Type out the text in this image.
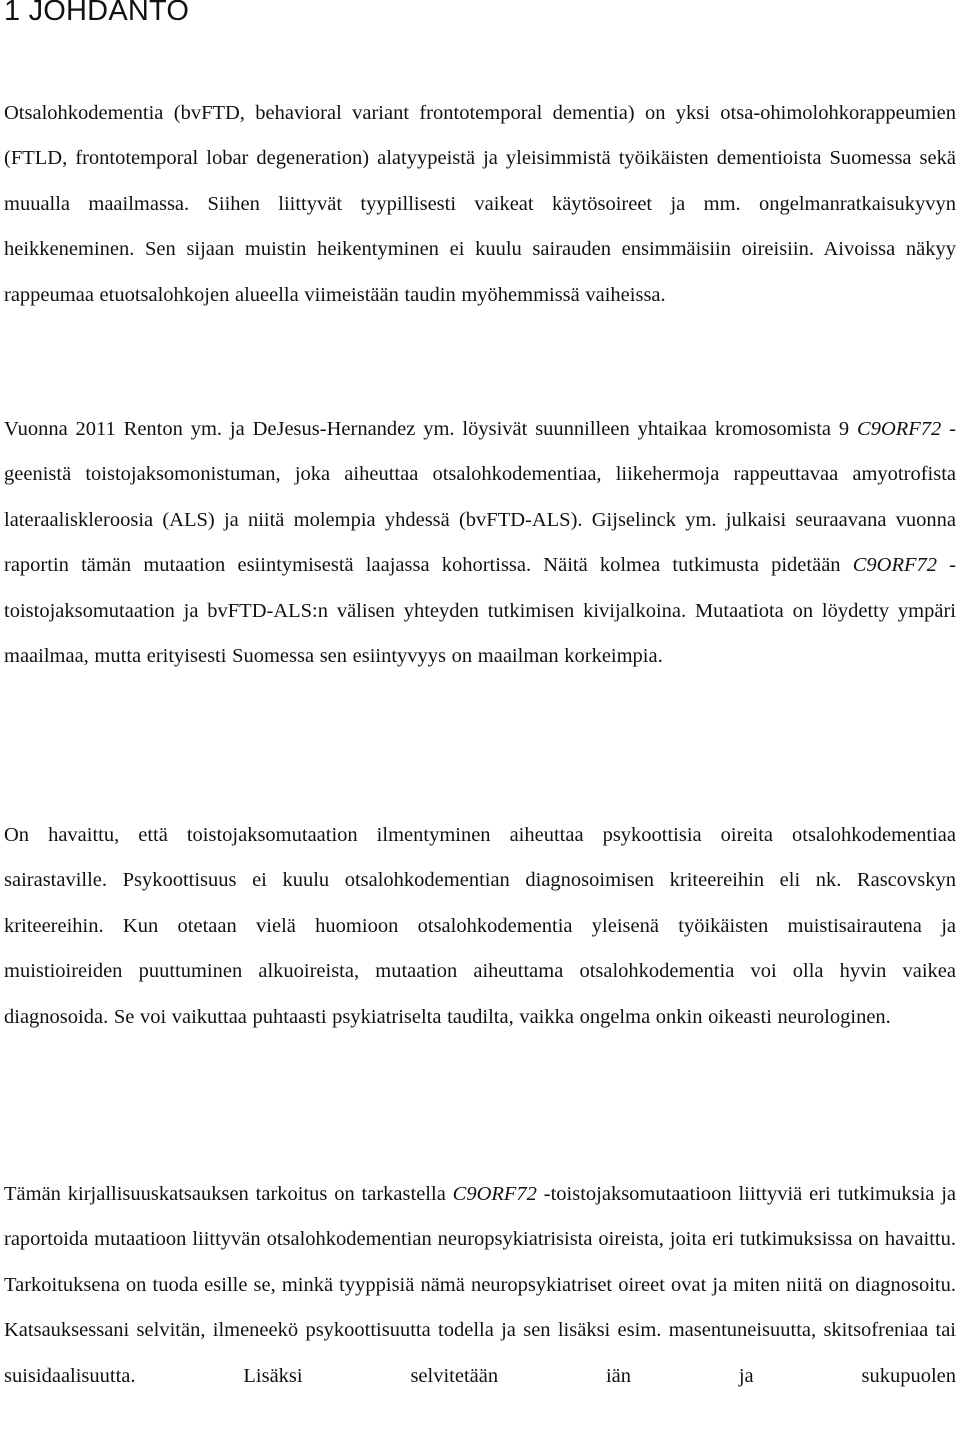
1 JOHDANTO

Otsalohkodementia (bvFTD, behavioral variant frontotemporal dementia) on yksi otsa-ohimolohkorappeumien (FTLD, frontotemporal lobar degeneration) alatyypeistä ja yleisimmistä työikäisten dementioista Suomessa sekä muualla maailmassa. Siihen liittyvät tyypillisesti vaikeat käytösoireet ja mm. ongelmanratkaisukyvyn heikkeneminen. Sen sijaan muistin heikentyminen ei kuulu sairauden ensimmäisiin oireisiin. Aivoissa näkyy rappeumaa etuotsalohkojen alueella viimeistään taudin myöhemmissä vaiheissa.

Vuonna 2011 Renton ym. ja DeJesus-Hernandez ym. löysivät suunnilleen yhtaikaa kromosomista 9 C9ORF72 -geenistä toistojaksomonistuman, joka aiheuttaa otsalohkodementiaa, liikehermoja rappeuttavaa amyotrofista lateraaliskleroosia (ALS) ja niitä molempia yhdessä (bvFTD-ALS). Gijselinck ym. julkaisi seuraavana vuonna raportin tämän mutaation esiintymisestä laajassa kohortissa. Näitä kolmea tutkimusta pidetään C9ORF72 -toistojaksomutaation ja bvFTD-ALS:n välisen yhteyden tutkimisen kivijalkoina. Mutaatiota on löydetty ympäri maailmaa, mutta erityisesti Suomessa sen esiintyvyys on maailman korkeimpia.

On havaittu, että toistojaksomutaation ilmentyminen aiheuttaa psykoottisia oireita otsalohkodementiaa sairastaville. Psykoottisuus ei kuulu otsalohkodementian diagnosoimisen kriteereihin eli nk. Rascovskyn kriteereihin. Kun otetaan vielä huomioon otsalohkodementia yleisenä työikäisten muistisairautena ja muistioireiden puuttuminen alkuoireista, mutaation aiheuttama otsalohkodementia voi olla hyvin vaikea diagnosoida. Se voi vaikuttaa puhtaasti psykiatriselta taudilta, vaikka ongelma onkin oikeasti neurologinen.

Tämän kirjallisuuskatsauksen tarkoitus on tarkastella C9ORF72 -toistojaksomutaatioon liittyviä eri tutkimuksia ja raportoida mutaatioon liittyvän otsalohkodementian neuropsykiatrisista oireista, joita eri tutkimuksissa on havaittu. Tarkoituksena on tuoda esille se, minkä tyyppisiä nämä neuropsykiatriset oireet ovat ja miten niitä on diagnosoitu. Katsauksessani selvitän, ilmeneekö psykoottisuutta todella ja sen lisäksi esim. masentuneisuutta, skitsofreniaa tai suisidaalisuutta. Lisäksi selvitetään iän ja sukupuolen
